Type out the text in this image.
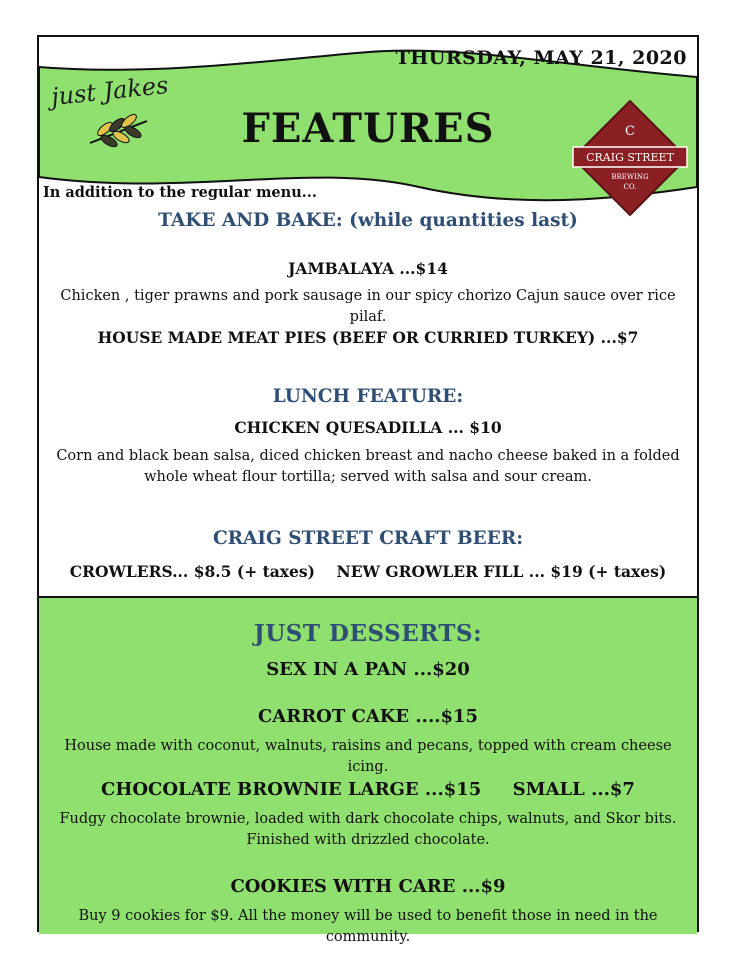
THURSDAY, MAY 21, 2020
just Jakes
FEATURES	C
CRAIG STREET
BREWING
CO.
In addition to the regular menu...
TAKE AND BAKE: (while quantities last)
JAMBALAYA ...$14
Chicken , tiger prawns and pork sausage in our spicy chorizo Cajun sauce over rice pilaf.
HOUSE MADE MEAT PIES (BEEF OR CURRIED TURKEY) ...$7
LUNCH FEATURE:
CHICKEN QUESADILLA ... $10
Corn and black bean salsa, diced chicken breast and nacho cheese baked in a folded whole wheat flour tortilla; served with salsa and sour cream.
CRAIG STREET CRAFT BEER:
CROWLERS... $8.5 (+ taxes) NEW GROWLER FILL ... $19 (+ taxes)
JUST DESSERTS:
SEX IN A PAN ...$20
CARROT CAKE ....$15
House made with coconut, walnuts, raisins and pecans, topped with cream cheese icing.
CHOCOLATE BROWNIE LARGE ...$15 SMALL ...$7
Fudgy chocolate brownie, loaded with dark chocolate chips, walnuts, and Skor bits. Finished with drizzled chocolate.
COOKIES WITH CARE ...$9
Buy 9 cookies for $9. All the money will be used to benefit those in need in the community.
